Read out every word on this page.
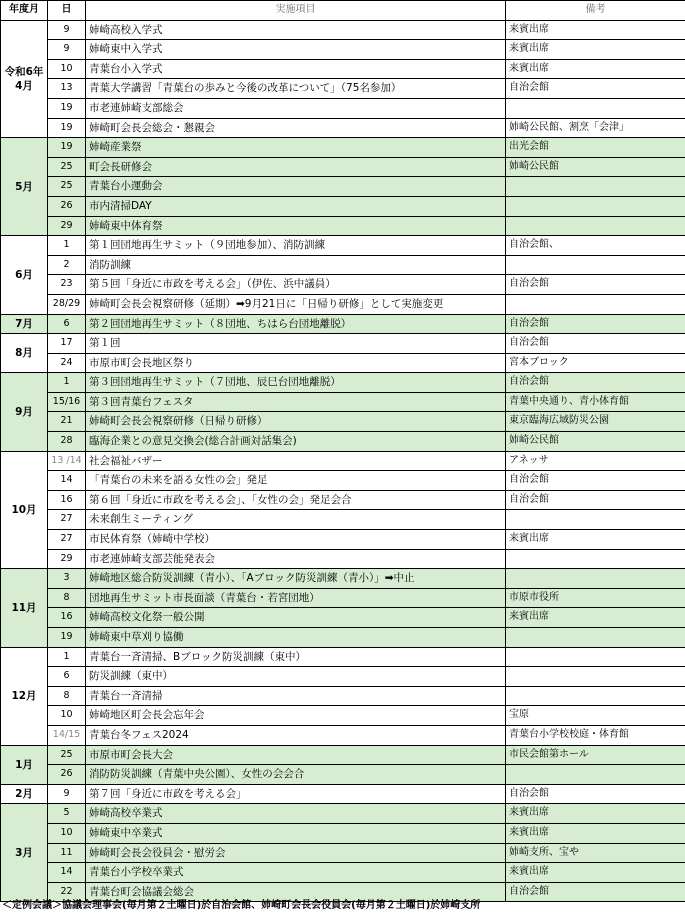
年度月	日	実施項目	備考
令和6年4月	9	姉崎高校入学式	来賓出席
	9	姉崎東中入学式	来賓出席
	10	青葉台小入学式	来賓出席
	13	青葉大学講習「青葉台の歩みと今後の改革について」（75名参加）	自治会館
	19	市老連姉崎支部総会	
	19	姉崎町会長会総会・懇親会	姉崎公民館、割烹「会津」
5月	19	姉崎産業祭	出光会館
	25	町会長研修会	姉崎公民館
	25	青葉台小運動会	
	26	市内清掃DAY	
	29	姉崎東中体育祭	
6月	1	第１回団地再生サミット（９団地参加）、消防訓練	自治会館、
	2	消防訓練	
	23	第５回「身近に市政を考える会」（伊佐、浜中議員）	自治会館
	28/29	姉崎町会長会視察研修（延期）➡9月21日に「日帰り研修」として実施変更	
7月	6	第２回団地再生サミット（８団地、ちはら台団地離脱）	自治会館
8月	17	第１回	自治会館
	24	市原市町会長地区祭り	宮本ブロック
9月	1	第３回団地再生サミット（７団地、辰巳台団地離脱）	自治会館
	15/16	第３回青葉台フェスタ	青葉中央通り、青小体育館
	21	姉崎町会長会視察研修（日帰り研修）	東京臨海広域防災公園
	28	臨海企業との意見交換会(総合計画対話集会)	姉崎公民館
10月	13 /14	社会福祉バザー	アネッサ
	14	「青葉台の未来を語る女性の会」発足	自治会館
	16	第６回「身近に市政を考える会」、「女性の会」発足会合	自治会館
	27	未来創生ミーティング	
	27	市民体育祭（姉崎中学校）	来賓出席
	29	市老連姉崎支部芸能発表会	
11月	3	姉崎地区総合防災訓練（青小）、「Aブロック防災訓練（青小）」➡中止	
	8	団地再生サミット市長面談（青葉台・若宮団地）	市原市役所
	16	姉崎高校文化祭一般公開	来賓出席
	19	姉崎東中草刈り協働	
12月	1	青葉台一斉清掃、Bブロック防災訓練（東中）	
	6	防災訓練（東中）	
	8	青葉台一斉清掃	
	10	姉崎地区町会長会忘年会	宝原
	14/15	青葉台冬フェス2024	青葉台小学校校庭・体育館
1月	25	市原市町会長大会	市民会館第ホール
	26	消防防災訓練（青葉中央公園）、女性の会会合	
2月	9	第７回「身近に市政を考える会」	自治会館
3月	5	姉崎高校卒業式	来賓出席
	10	姉崎東中卒業式	来賓出席
	11	姉崎町会長会役員会・慰労会	姉崎支所、宝や
	14	青葉台小学校卒業式	来賓出席
	22	青葉台町会協議会総会	自治会館
＜定例会議＞協議会理事会(毎月第２土曜日)於自治会館、姉崎町会長会役員会(毎月第２土曜日)於姉崎支所
